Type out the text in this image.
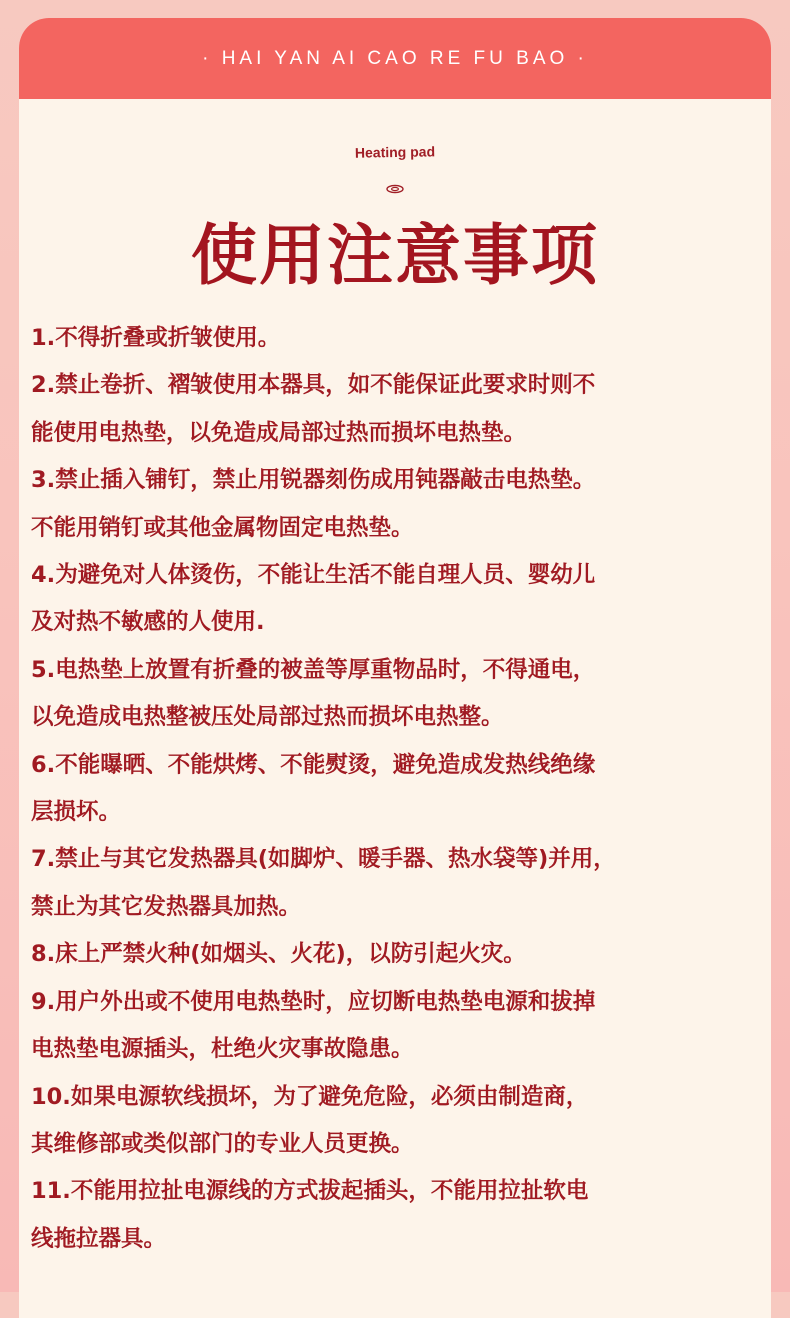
· HAI YAN AI CAO RE FU BAO ·
Heating pad
使用注意事项
1.不得折叠或折皱使用。
2.禁止卷折、褶皱使用本器具，如不能保证此要求时则不
能使用电热垫，以免造成局部过热而损坏电热垫。
3.禁止插入铺钉，禁止用锐器刻伤成用钝器敲击电热垫。
不能用销钉或其他金属物固定电热垫。
4.为避免对人体烫伤，不能让生活不能自理人员、婴幼儿
及对热不敏感的人使用.
5.电热垫上放置有折叠的被盖等厚重物品时，不得通电，
以免造成电热整被压处局部过热而损坏电热整。
6.不能曝晒、不能烘烤、不能熨烫，避免造成发热线绝缘
层损坏。
7.禁止与其它发热器具(如脚炉、暖手器、热水袋等)并用，
禁止为其它发热器具加热。
8.床上严禁火种(如烟头、火花)，以防引起火灾。
9.用户外出或不使用电热垫时，应切断电热垫电源和拔掉
电热垫电源插头，杜绝火灾事故隐患。
10.如果电源软线损坏，为了避免危险，必须由制造商，
其维修部或类似部门的专业人员更换。
11.不能用拉扯电源线的方式拔起插头，不能用拉扯软电
线拖拉器具。
